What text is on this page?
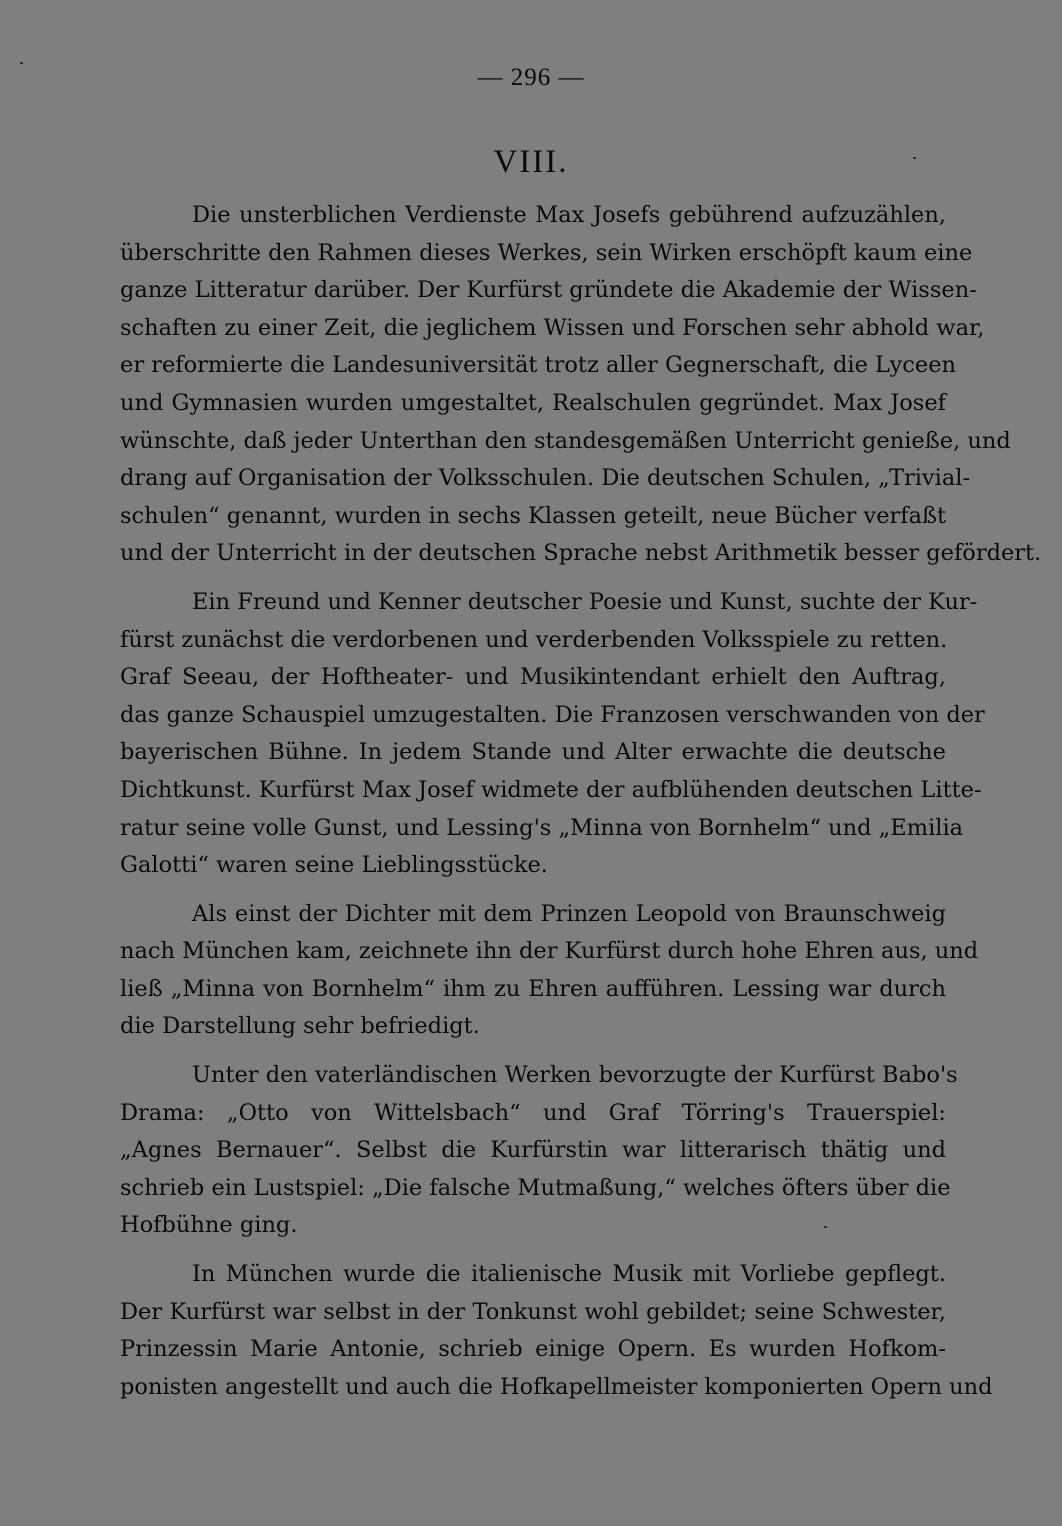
— 296 —
VIII.
Die unsterblichen Verdienste Max Josefs gebührend aufzuzählen,
überschritte den Rahmen dieses Werkes, sein Wirken erschöpft kaum eine
ganze Litteratur darüber. Der Kurfürst gründete die Akademie der Wissen-
schaften zu einer Zeit, die jeglichem Wissen und Forschen sehr abhold war,
er reformierte die Landesuniversität trotz aller Gegnerschaft, die Lyceen
und Gymnasien wurden umgestaltet, Realschulen gegründet. Max Josef
wünschte, daß jeder Unterthan den standesgemäßen Unterricht genieße, und
drang auf Organisation der Volksschulen. Die deutschen Schulen, „Trivial-
schulen“ genannt, wurden in sechs Klassen geteilt, neue Bücher verfaßt
und der Unterricht in der deutschen Sprache nebst Arithmetik besser gefördert.
Ein Freund und Kenner deutscher Poesie und Kunst, suchte der Kur-
fürst zunächst die verdorbenen und verderbenden Volksspiele zu retten.
Graf Seeau, der Hoftheater- und Musikintendant erhielt den Auftrag,
das ganze Schauspiel umzugestalten. Die Franzosen verschwanden von der
bayerischen Bühne. In jedem Stande und Alter erwachte die deutsche
Dichtkunst. Kurfürst Max Josef widmete der aufblühenden deutschen Litte-
ratur seine volle Gunst, und Lessing's „Minna von Bornhelm“ und „Emilia
Galotti“ waren seine Lieblingsstücke.
Als einst der Dichter mit dem Prinzen Leopold von Braunschweig
nach München kam, zeichnete ihn der Kurfürst durch hohe Ehren aus, und
ließ „Minna von Bornhelm“ ihm zu Ehren aufführen. Lessing war durch
die Darstellung sehr befriedigt.
Unter den vaterländischen Werken bevorzugte der Kurfürst Babo's
Drama: „Otto von Wittelsbach“ und Graf Törring's Trauerspiel:
„Agnes Bernauer“. Selbst die Kurfürstin war litterarisch thätig und
schrieb ein Lustspiel: „Die falsche Mutmaßung,“ welches öfters über die
Hofbühne ging.
In München wurde die italienische Musik mit Vorliebe gepflegt.
Der Kurfürst war selbst in der Tonkunst wohl gebildet; seine Schwester,
Prinzessin Marie Antonie, schrieb einige Opern. Es wurden Hofkom-
ponisten angestellt und auch die Hofkapellmeister komponierten Opern und
